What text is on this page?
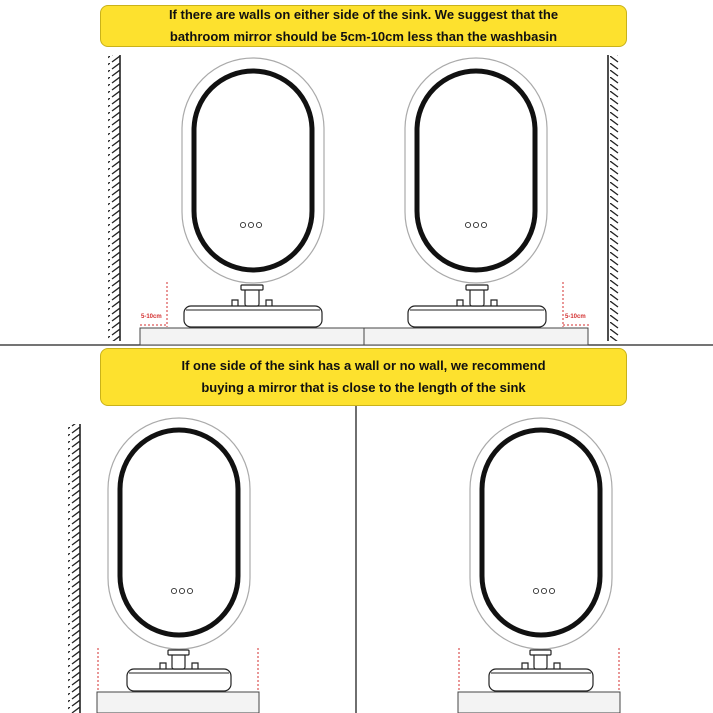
5-10cm	5-10cm
If there are walls on either side of the sink. We suggest that the
bathroom mirror should be 5cm-10cm less than the washbasin
If one side of the sink has a wall or no wall, we recommend
buying a mirror that is close to the length of the sink
